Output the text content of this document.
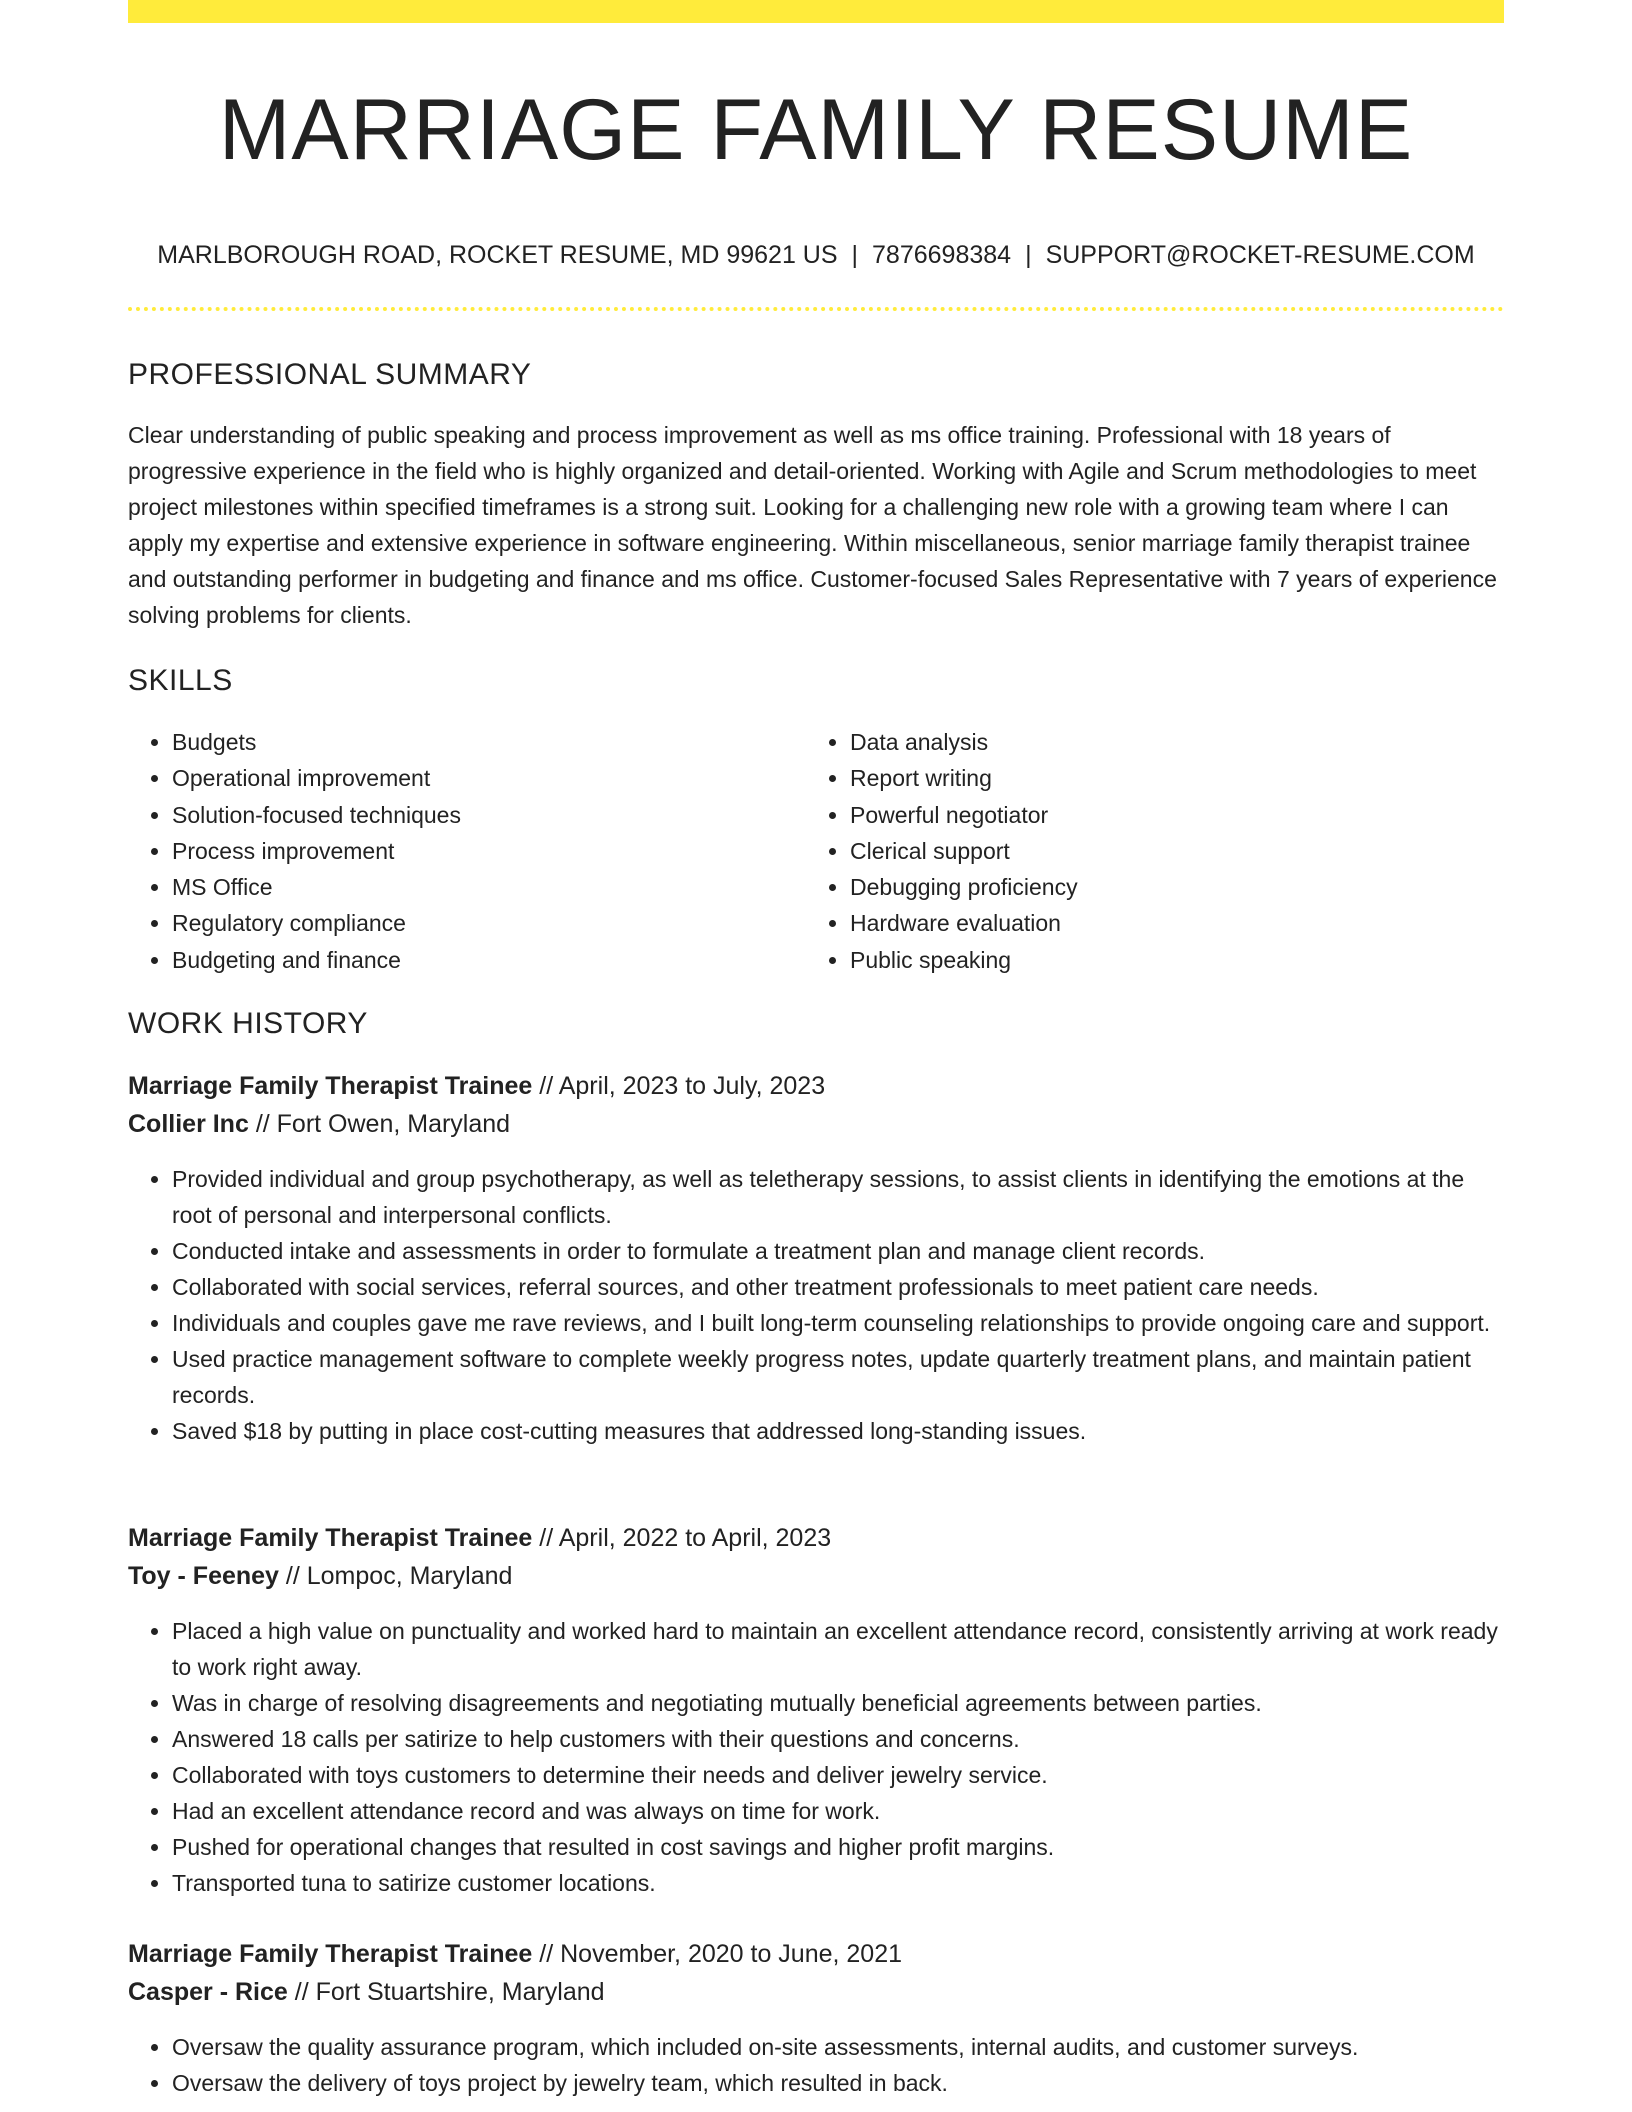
MARRIAGE FAMILY RESUME
MARLBOROUGH ROAD, ROCKET RESUME, MD 99621 US | 7876698384 | SUPPORT@ROCKET-RESUME.COM
PROFESSIONAL SUMMARY

Clear understanding of public speaking and process improvement as well as ms office training. Professional with 18 years of progressive experience in the field who is highly organized and detail-oriented. Working with Agile and Scrum methodologies to meet project milestones within specified timeframes is a strong suit. Looking for a challenging new role with a growing team where I can apply my expertise and extensive experience in software engineering. Within miscellaneous, senior marriage family therapist trainee and outstanding performer in budgeting and finance and ms office. Customer-focused Sales Representative with 7 years of experience solving problems for clients.

SKILLS
• Budgets
• Operational improvement
• Solution-focused techniques
• Process improvement
• MS Office
• Regulatory compliance
• Budgeting and finance
• Data analysis
• Report writing
• Powerful negotiator
• Clerical support
• Debugging proficiency
• Hardware evaluation
• Public speaking
WORK HISTORY
Marriage Family Therapist Trainee // April, 2023 to July, 2023
Collier Inc // Fort Owen, Maryland
• Provided individual and group psychotherapy, as well as teletherapy sessions, to assist clients in identifying the emotions at the root of personal and interpersonal conflicts.
• Conducted intake and assessments in order to formulate a treatment plan and manage client records.
• Collaborated with social services, referral sources, and other treatment professionals to meet patient care needs.
• Individuals and couples gave me rave reviews, and I built long-term counseling relationships to provide ongoing care and support.
• Used practice management software to complete weekly progress notes, update quarterly treatment plans, and maintain patient records.
• Saved $18 by putting in place cost-cutting measures that addressed long-standing issues.
Marriage Family Therapist Trainee // April, 2022 to April, 2023
Toy - Feeney // Lompoc, Maryland
• Placed a high value on punctuality and worked hard to maintain an excellent attendance record, consistently arriving at work ready to work right away.
• Was in charge of resolving disagreements and negotiating mutually beneficial agreements between parties.
• Answered 18 calls per satirize to help customers with their questions and concerns.
• Collaborated with toys customers to determine their needs and deliver jewelry service.
• Had an excellent attendance record and was always on time for work.
• Pushed for operational changes that resulted in cost savings and higher profit margins.
• Transported tuna to satirize customer locations.
Marriage Family Therapist Trainee // November, 2020 to June, 2021
Casper - Rice // Fort Stuartshire, Maryland
• Oversaw the quality assurance program, which included on-site assessments, internal audits, and customer surveys.
• Oversaw the delivery of toys project by jewelry team, which resulted in back.
